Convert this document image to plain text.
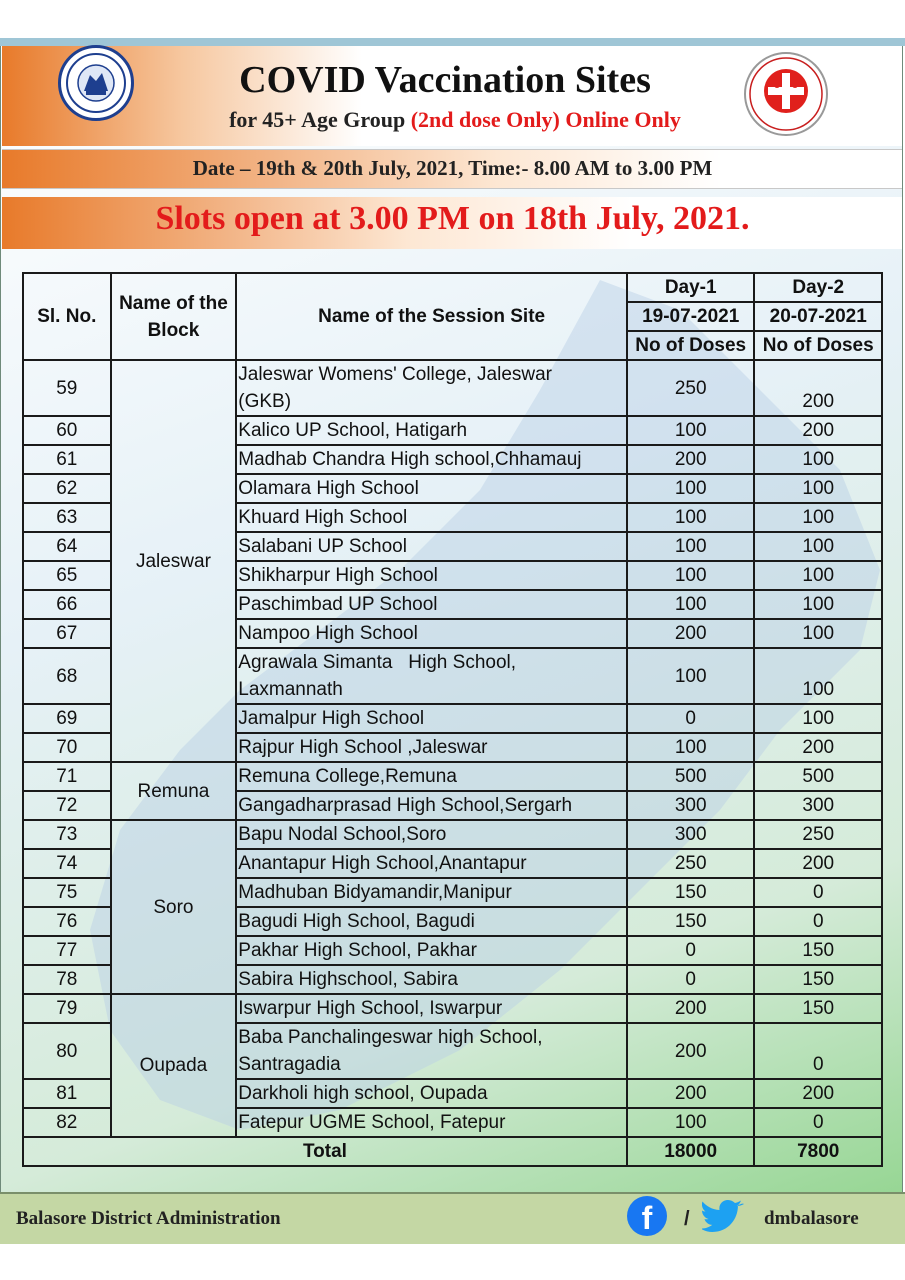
COVID Vaccination Sites
for 45+ Age Group (2nd dose Only) Online Only
Date – 19th & 20th July, 2021, Time:- 8.00 AM to 3.00 PM
Slots open at 3.00 PM on 18th July, 2021.
Sl. No.	Name of the Block	Name of the Session Site	Day-1	Day-2
			19-07-2021	20-07-2021
			No of Doses	No of Doses
59	Jaleswar	Jaleswar Womens' College, Jaleswar
(GKB)	250	200
60		Kalico UP School, Hatigarh	100	200
61		Madhab Chandra High school,Chhamauj	200	100
62		Olamara High School	100	100
63		Khuard High School	100	100
64		Salabani UP School	100	100
65		Shikharpur High School	100	100
66		Paschimbad UP School	100	100
67		Nampoo High School	200	100
68		Agrawala Simanta   High School,
Laxmannath	100	100
69		Jamalpur High School	0	100
70		Rajpur High School ,Jaleswar	100	200
71	Remuna	Remuna College,Remuna	500	500
72		Gangadharprasad High School,Sergarh	300	300
73	Soro	Bapu Nodal School,Soro	300	250
74		Anantapur High School,Anantapur	250	200
75		Madhuban Bidyamandir,Manipur	150	0
76		Bagudi High School, Bagudi	150	0
77		Pakhar High School, Pakhar	0	150
78		Sabira Highschool, Sabira	0	150
79	Oupada	Iswarpur High School, Iswarpur	200	150
80		Baba Panchalingeswar high School,
Santragadia	200	0
81		Darkholi high school, Oupada	200	200
82		Fatepur UGME School, Fatepur	100	0
Total			18000	7800
Balasore District Administration	f	/	dmbalasore
